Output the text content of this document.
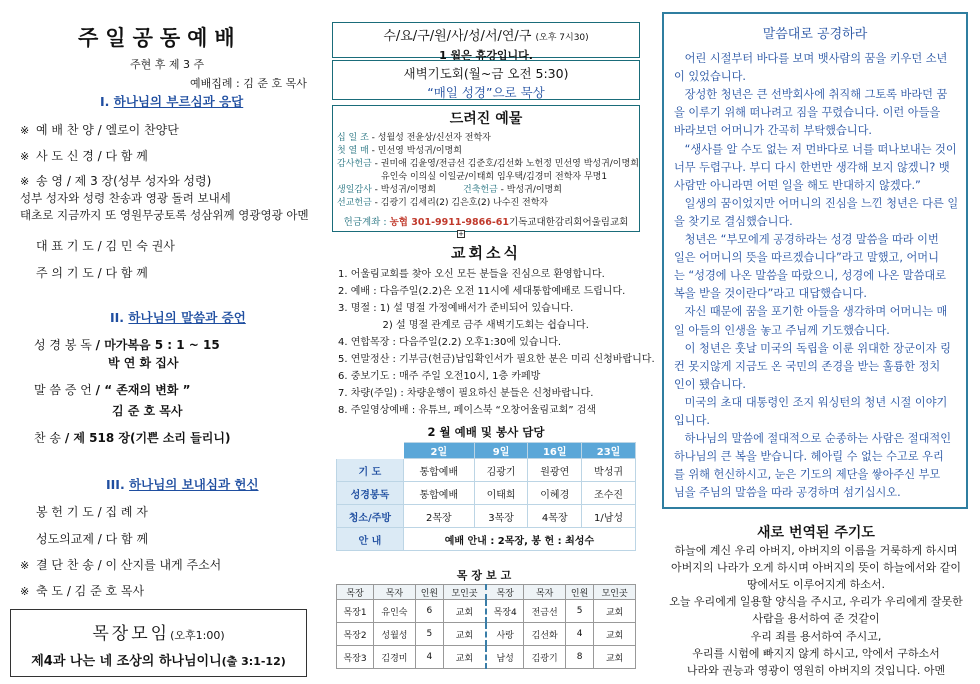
주일공동예배
주현 후 제 3 주
예배집례 : 김 준 호 목사
I. 하나님의 부르심과 응답
※ 예 배 찬 양 / 엘로이 찬양단
※ 사 도 신 경 / 다 함 께
※ 송 영 / 제 3 장(성부 성자와 성령)
성부 성자와 성령 찬송과 영광 돌려 보내세
태초로 지금까지 또 영원무궁토록 성삼위께 영광영광 아멘
대 표 기 도 / 김 민 숙 권사
주 의 기 도 / 다 함 께
II. 하나님의 말씀과 증언
성 경 봉 독 / 마가복음 5 : 1 ~ 15
박 연 화 집사
말 씀 증 언 / “ 존재의 변화 ”
김 준 호 목사
찬 송 / 제 518 장(기쁜 소리 들리니)
III. 하나님의 보내심과 헌신
봉 헌 기 도 / 집 례 자
성도의교제 / 다 함 께
※ 결 단 찬 송 / 이 산지를 내게 주소서
※ 축 도 / 김 준 호 목사
목장모임(오후1:00)
제4과 나는 네 조상의 하나님이니(출 3:1-12)
수/요/구/원/사/성/서/연/구 (오후 7시30)
1 월은 휴강입니다.
새벽기도회(월~금 오전 5:30)
“매일 성경”으로 묵상
드려진 예물
십 일 조 - 성월성 전윤상/신선자 전학자
첫 열 매 - 민선영 박성귀/이명희
감사헌금 - 권미애 김윤영/전금선 김준호/김선화 노헌정 민선영 박성귀/이명희
유인숙 이의실 이일균/이태희 임우택/김경미 전학자 무명1
생일감사 - 박성귀/이명희	건축헌금 - 박성귀/이명희
선교헌금 - 김광기 김세리(2) 김은호(2) 나수진 전학자
헌금계좌 : 농협 301-9911-9866-61기독교대한감리회어울림교회
+
교회소식
1. 어울림교회를 찾아 오신 모든 분들을 진심으로 환영합니다.
2. 예배 : 다음주일(2.2)은 오전 11시에 세대통합예배로 드립니다.
3. 명절 : 1) 설 명절 가정예배서가 준비되어 있습니다.
2) 설 명절 관계로 금주 새벽기도회는 쉽습니다.
4. 연합목장 : 다음주일(2.2) 오후1:30에 있습니다.
5. 연말정산 : 기부금(헌금)납입확인서가 필요한 분은 미리 신청바랍니다.
6. 중보기도 : 매주 주일 오전10시, 1층 카페방
7. 차량(주일) : 차량운행이 필요하신 분들은 신청바랍니다.
8. 주일영상예배 : 유튜브, 페이스북 “오창어울림교회” 검색
2 월 예배 및 봉사 담당
	2일	9일	16일	23일
기 도	통합예배	김광기	원광연	박성귀
성경봉독	통합예배	이태희	이혜경	조수진
청소/주방	2목장	3목장	4목장	1/남성
안 내	예배 안내 : 2목장, 봉 헌 : 최성수			
목장보고
목장	목자	인원	모인곳	목장	목자	인원	모인곳
목장1	유인숙	6	교회	목장4	전금선	5	교회
목장2	성월성	5	교회	사랑	김선화	4	교회
목장3	김경미	4	교회	남성	김광기	8	교회
말씀대로 공경하라
어린 시절부터 바다를 보며 뱃사람의 꿈을 키우던 소년
이 있었습니다.
장성한 청년은 큰 선박회사에 취직해 그토록 바라던 꿈
을 이루기 위해 떠나려고 짐을 꾸렸습니다. 이런 아들을
바라보던 어머니가 간곡히 부탁했습니다.
“생사를 알 수도 없는 저 먼바다로 너를 떠나보내는 것이
너무 두렵구나. 부디 다시 한번만 생각해 보지 않겠니? 뱃
사람만 아니라면 어떤 일을 해도 반대하지 않겠다.”
일생의 꿈이었지만 어머니의 진심을 느낀 청년은 다른 일
을 찾기로 결심했습니다.
청년은 “부모에게 공경하라는 성경 말씀을 따라 이번
일은 어머니의 뜻을 따르겠습니다”라고 말했고, 어머니
는 “성경에 나온 말씀을 따랐으니, 성경에 나온 말씀대로
복을 받을 것이란다”라고 대답했습니다.
자신 때문에 꿈을 포기한 아들을 생각하며 어머니는 매
일 아들의 인생을 놓고 주님께 기도했습니다.
이 청년은 훗날 미국의 독립을 이룬 위대한 장군이자 링
컨 못지않게 지금도 온 국민의 존경을 받는 훌륭한 정치
인이 됐습니다.
미국의 초대 대통령인 조지 워싱턴의 청년 시절 이야기
입니다.
하나님의 말씀에 절대적으로 순종하는 사람은 절대적인
하나님의 큰 복을 받습니다. 헤아릴 수 없는 수고로 우리
를 위해 헌신하시고, 눈은 기도의 제단을 쌓아주신 부모
님을 주님의 말씀을 따라 공경하며 섬기십시오.
새로 번역된 주기도
하늘에 계신 우리 아버지, 아버지의 이름을 거룩하게 하시며
아버지의 나라가 오게 하시며 아버지의 뜻이 하늘에서와 같이
땅에서도 이루어지게 하소서.
오늘 우리에게 일용할 양식을 주시고, 우리가 우리에게 잘못한
사람을 용서하여 준 것같이
우리 죄를 용서하여 주시고,
우리를 시험에 빠지지 않게 하시고, 악에서 구하소서
나라와 권능과 영광이 영원히 아버지의 것입니다. 아멘
